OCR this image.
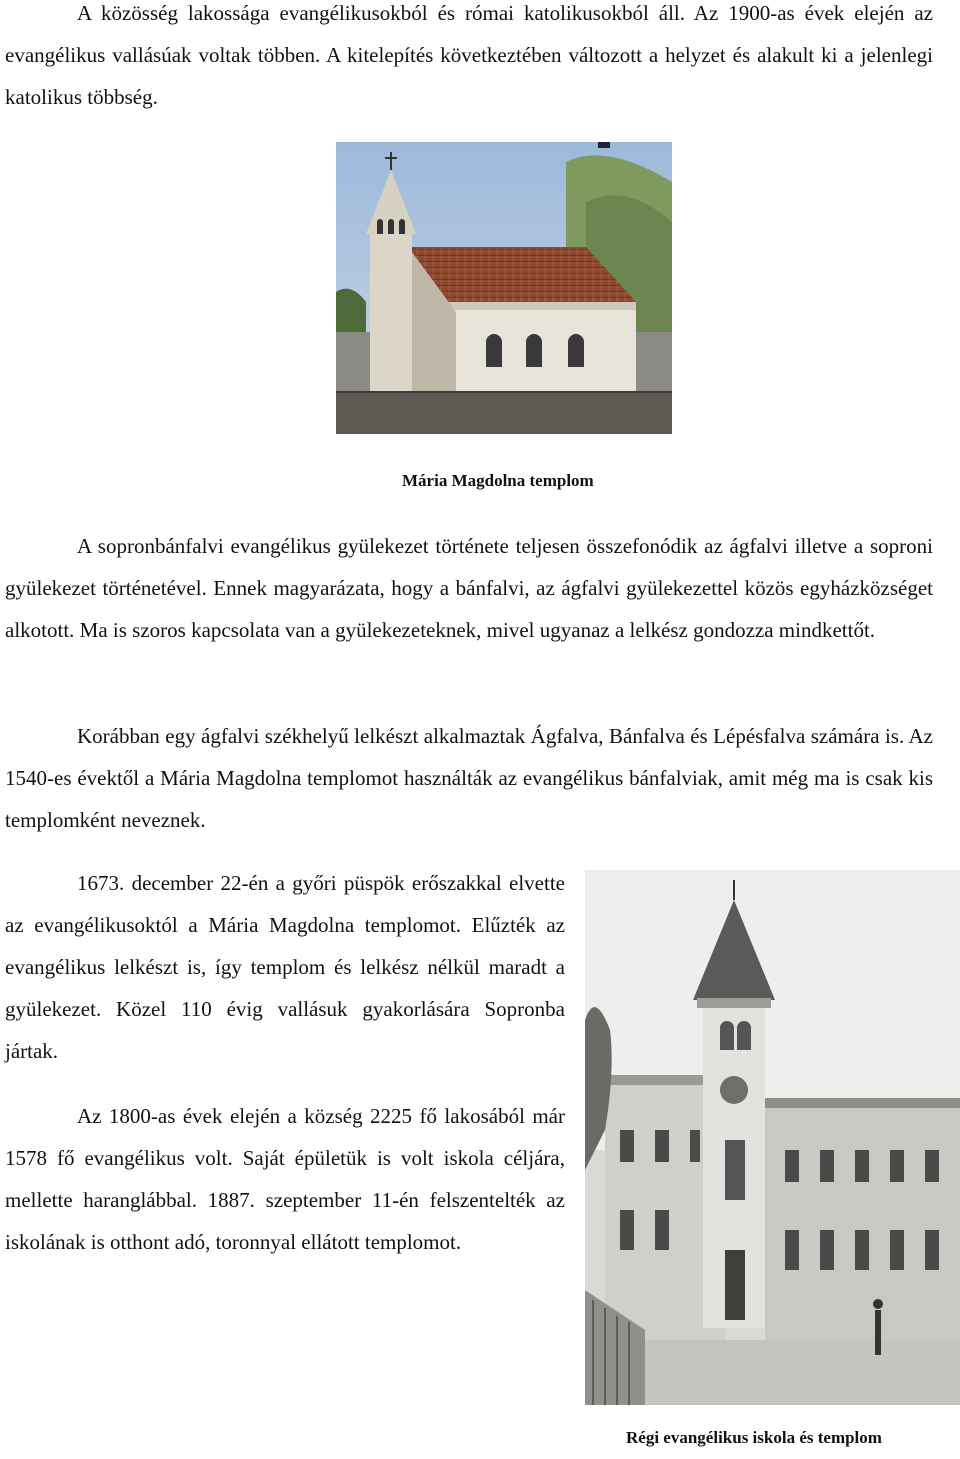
A közösség lakossága evangélikusokból és római katolikusokból áll. Az 1900-as évek elején az evangélikus vallásúak voltak többen. A kitelepítés következtében változott a helyzet és alakult ki a jelenlegi katolikus többség.

Mária Magdolna templom

A sopronbánfalvi evangélikus gyülekezet története teljesen összefonódik az ágfalvi illetve a soproni gyülekezet történetével. Ennek magyarázata, hogy a bánfalvi, az ágfalvi gyülekezettel közös egyházközséget alkotott. Ma is szoros kapcsolata van a gyülekezeteknek, mivel ugyanaz a lelkész gondozza mindkettőt.

Korábban egy ágfalvi székhelyű lelkészt alkalmaztak Ágfalva, Bánfalva és Lépésfalva számára is. Az 1540-es évektől a Mária Magdolna templomot használták az evangélikus bánfalviak, amit még ma is csak kis templomként neveznek.

1673. december 22-én a győri püspök erőszakkal elvette az evangélikusoktól a Mária Magdolna templomot. Elűzték az evangélikus lelkészt is, így templom és lelkész nélkül maradt a gyülekezet. Közel 110 évig vallásuk gyakorlására Sopronba jártak.

Az 1800-as évek elején a község 2225 fő lakosából már 1578 fő evangélikus volt. Saját épületük is volt iskola céljára, mellette haranglábbal. 1887. szeptember 11-én felszentelték az iskolának is otthont adó, toronnyal ellátott templomot.

Régi evangélikus iskola és templom
